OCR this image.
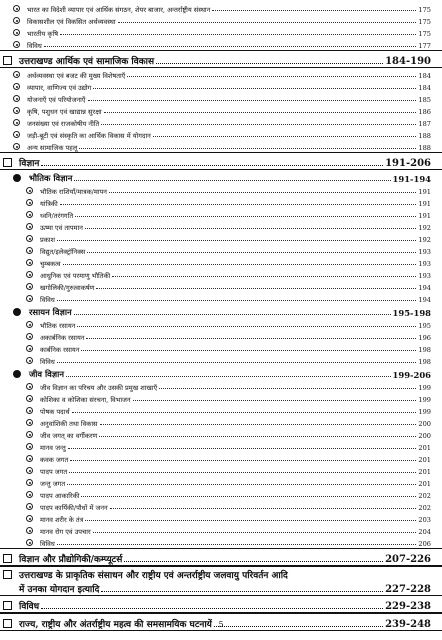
भारत का विदेशी व्यापार एवं आर्थिक संगठन, शेयर बाजार, अन्तर्राष्ट्रीय संस्थान	175
विकासशील एवं विकसित अर्थव्यवस्था	175
भारतीय कृषि	175
विविध	177
उत्तराखण्ड आर्थिक एवं सामाजिक विकास	184-190
अर्थव्यवस्था एवं बजट की मुख्य विशेषताएँ	184
व्यापार, वाणिज्य एवं उद्योग	184
योजनाएँ एवं परियोजनाएँ	185
कृषि, पशुधन एवं खाद्यान्न सुरक्षा	186
जनसंख्या एवं राजकोषीय नीति	187
जड़ी-बूटी एवं संस्कृति का आर्थिक विकास में योगदान	188
अन्य सामाजिक पहलू	188
विज्ञान	191-206
भौतिक विज्ञान	191-194
भौतिक राशियाँ/मात्रक/मापन	191
यांत्रिकी	191
ध्वनि/तरंगगति	191
ऊष्मा एवं तापमान	192
प्रकाश	192
विद्युत/इलेक्ट्रॉनिक्स	193
चुम्बकत्व	193
आधुनिक एवं परमाणु भौतिकी	193
खगोलिकी/गुरुत्वाकर्षण	194
विविध	194
रसायन विज्ञान	195-198
भौतिक रसायन	195
अकार्बनिक रसायन	196
कार्बनिक रसायन	198
विविध	198
जीव विज्ञान	199-206
जीव विज्ञान का परिचय और उसकी प्रमुख शाखाएँ	199
कोशिका व कोशिका संरचना, विभाजन	199
पोषक पदार्थ	199
अनुवांशिकी तथा विकास	200
जीव जगत् का वर्गीकरण	200
मानव जन्तु	201
कवक जगत	201
पादप जगत	201
जन्तु जगत	201
पादप आकारिकी	202
पादप कार्यिकी/पौधों में जनन	202
मानव शरीर के तंत्र	203
मानव रोग एवं उपचार	204
विविध	206
विज्ञान और प्रौद्योगिकी/कम्प्यूटर्स	207-226
उत्तराखण्ड के प्राकृतिक संसाधन और राष्ट्रीय एवं अन्तर्राष्ट्रीय जलवायु परिवर्तन आदि
में उनका योगदान इत्यादि	227-228
विविध	229-238
राज्य, राष्ट्रीय और अंतर्राष्ट्रीय महत्व की समसामयिक घटनायें	239-248
5
